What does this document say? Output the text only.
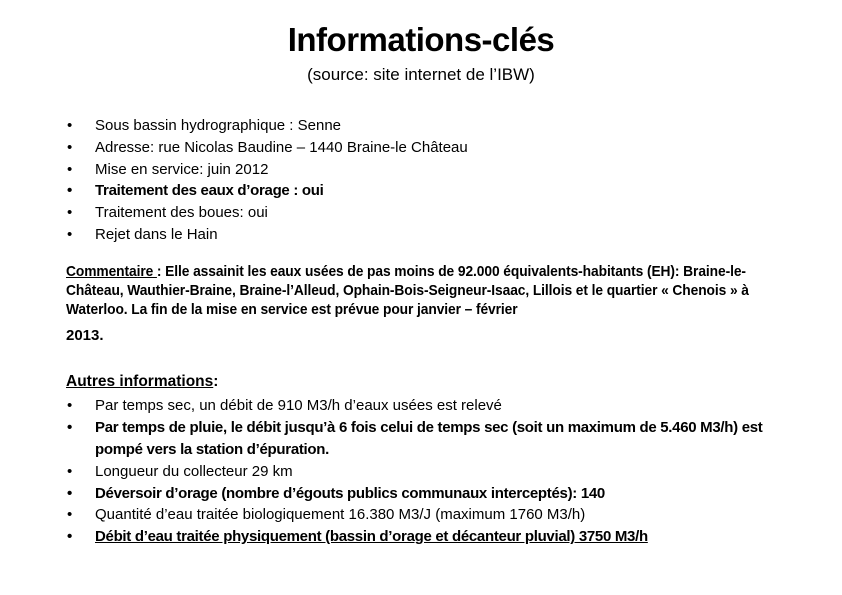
Informations-clés
(source: site internet de l’IBW)
• Sous bassin hydrographique : Senne
• Adresse: rue Nicolas Baudine – 1440 Braine-le Château
• Mise en service: juin 2012
• Traitement des eaux d’orage : oui
• Traitement des boues: oui
• Rejet dans le Hain
Commentaire : Elle assainit les eaux usées de pas moins de 92.000 équivalents-habitants (EH): Braine-le-Château, Wauthier-Braine, Braine-l’Alleud, Ophain-Bois-Seigneur-Isaac, Lillois et le quartier « Chenois » à Waterloo. La fin de la mise en service est prévue pour janvier – février
2013.
Autres informations:
• Par temps sec, un débit de 910 M3/h d’eaux usées est relevé
• Par temps de pluie, le débit jusqu’à 6 fois celui de temps sec (soit un maximum de 5.460 M3/h) est pompé vers la station d’épuration.
• Longueur du collecteur 29 km
• Déversoir d’orage (nombre d’égouts publics communaux interceptés): 140
• Quantité d’eau traitée biologiquement 16.380 M3/J (maximum 1760 M3/h)
• Débit d’eau traitée physiquement (bassin d’orage et décanteur pluvial) 3750 M3/h
